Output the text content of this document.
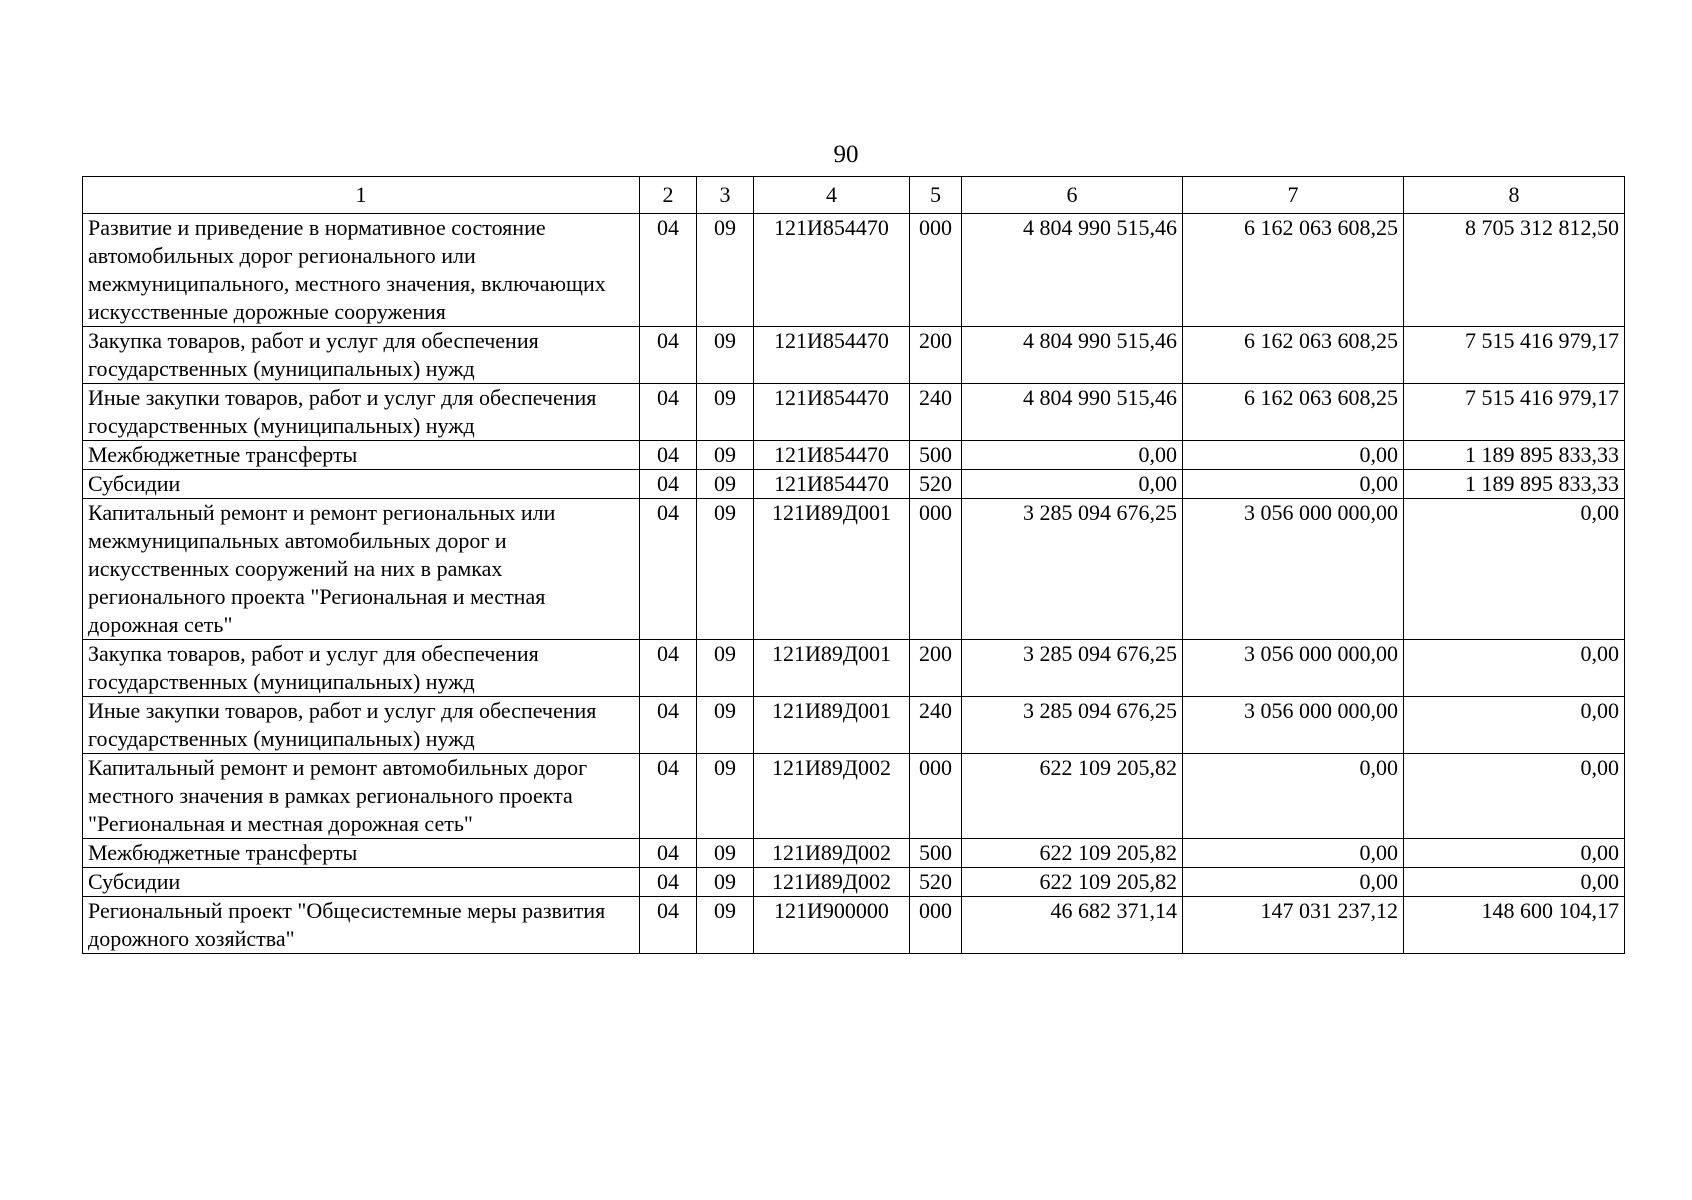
90
1	2	3	4	5	6	7	8
Развитие и приведение в нормативное состояние автомобильных дорог регионального или межмуниципального, местного значения, включающих искусственные дорожные сооружения	04	09	121И854470	000	4 804 990 515,46	6 162 063 608,25	8 705 312 812,50
Закупка товаров, работ и услуг для обеспечения государственных (муниципальных) нужд	04	09	121И854470	200	4 804 990 515,46	6 162 063 608,25	7 515 416 979,17
Иные закупки товаров, работ и услуг для обеспечения государственных (муниципальных) нужд	04	09	121И854470	240	4 804 990 515,46	6 162 063 608,25	7 515 416 979,17
Межбюджетные трансферты	04	09	121И854470	500	0,00	0,00	1 189 895 833,33
Субсидии	04	09	121И854470	520	0,00	0,00	1 189 895 833,33
Капитальный ремонт и ремонт региональных или межмуниципальных автомобильных дорог и искусственных сооружений на них в рамках регионального проекта "Региональная и местная дорожная сеть"	04	09	121И89Д001	000	3 285 094 676,25	3 056 000 000,00	0,00
Закупка товаров, работ и услуг для обеспечения государственных (муниципальных) нужд	04	09	121И89Д001	200	3 285 094 676,25	3 056 000 000,00	0,00
Иные закупки товаров, работ и услуг для обеспечения государственных (муниципальных) нужд	04	09	121И89Д001	240	3 285 094 676,25	3 056 000 000,00	0,00
Капитальный ремонт и ремонт автомобильных дорог местного значения в рамках регионального проекта "Региональная и местная дорожная сеть"	04	09	121И89Д002	000	622 109 205,82	0,00	0,00
Межбюджетные трансферты	04	09	121И89Д002	500	622 109 205,82	0,00	0,00
Субсидии	04	09	121И89Д002	520	622 109 205,82	0,00	0,00
Региональный проект "Общесистемные меры развития дорожного хозяйства"	04	09	121И900000	000	46 682 371,14	147 031 237,12	148 600 104,17
